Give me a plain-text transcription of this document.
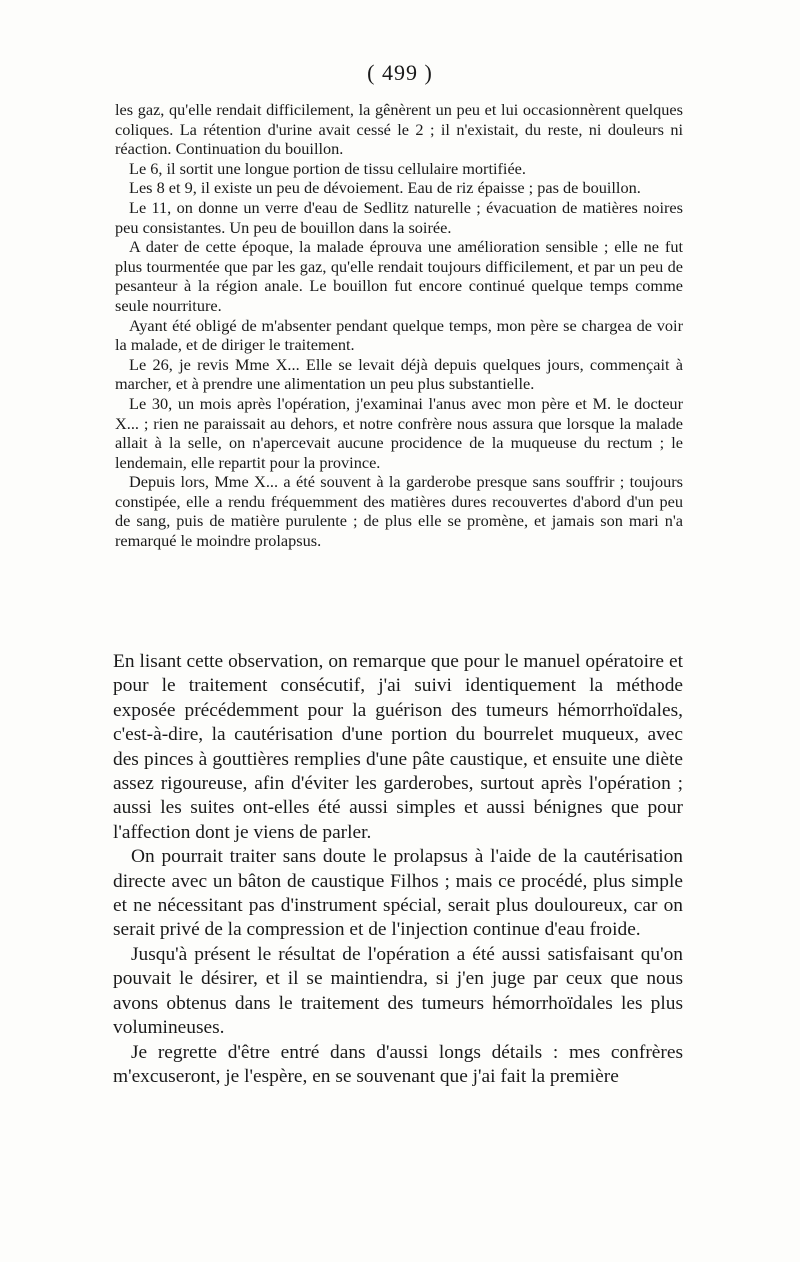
( 499 )

les gaz, qu'elle rendait difficilement, la gênèrent un peu et lui occasionnèrent quelques coliques. La rétention d'urine avait cessé le 2 ; il n'existait, du reste, ni douleurs ni réaction. Continuation du bouillon.

Le 6, il sortit une longue portion de tissu cellulaire mortifiée.

Les 8 et 9, il existe un peu de dévoiement. Eau de riz épaisse ; pas de bouillon.

Le 11, on donne un verre d'eau de Sedlitz naturelle ; évacuation de matières noires peu consistantes. Un peu de bouillon dans la soirée.

A dater de cette époque, la malade éprouva une amélioration sensible ; elle ne fut plus tourmentée que par les gaz, qu'elle rendait toujours difficilement, et par un peu de pesanteur à la région anale. Le bouillon fut encore continué quelque temps comme seule nourriture.

Ayant été obligé de m'absenter pendant quelque temps, mon père se chargea de voir la malade, et de diriger le traitement.

Le 26, je revis Mme X... Elle se levait déjà depuis quelques jours, commençait à marcher, et à prendre une alimentation un peu plus substantielle.

Le 30, un mois après l'opération, j'examinai l'anus avec mon père et M. le docteur X... ; rien ne paraissait au dehors, et notre confrère nous assura que lorsque la malade allait à la selle, on n'apercevait aucune procidence de la muqueuse du rectum ; le lendemain, elle repartit pour la province.

Depuis lors, Mme X... a été souvent à la garderobe presque sans souffrir ; toujours constipée, elle a rendu fréquemment des matières dures recouvertes d'abord d'un peu de sang, puis de matière purulente ; de plus elle se promène, et jamais son mari n'a remarqué le moindre prolapsus.

En lisant cette observation, on remarque que pour le manuel opératoire et pour le traitement consécutif, j'ai suivi identiquement la méthode exposée précédemment pour la guérison des tumeurs hémorrhoïdales, c'est-à-dire, la cautérisation d'une portion du bourrelet muqueux, avec des pinces à gouttières remplies d'une pâte caustique, et ensuite une diète assez rigoureuse, afin d'éviter les garderobes, surtout après l'opération ; aussi les suites ont-elles été aussi simples et aussi bénignes que pour l'affection dont je viens de parler.

On pourrait traiter sans doute le prolapsus à l'aide de la cautérisation directe avec un bâton de caustique Filhos ; mais ce procédé, plus simple et ne nécessitant pas d'instrument spécial, serait plus douloureux, car on serait privé de la compression et de l'injection continue d'eau froide.

Jusqu'à présent le résultat de l'opération a été aussi satisfaisant qu'on pouvait le désirer, et il se maintiendra, si j'en juge par ceux que nous avons obtenus dans le traitement des tumeurs hémorrhoïdales les plus volumineuses.

Je regrette d'être entré dans d'aussi longs détails : mes confrères m'excuseront, je l'espère, en se souvenant que j'ai fait la première
